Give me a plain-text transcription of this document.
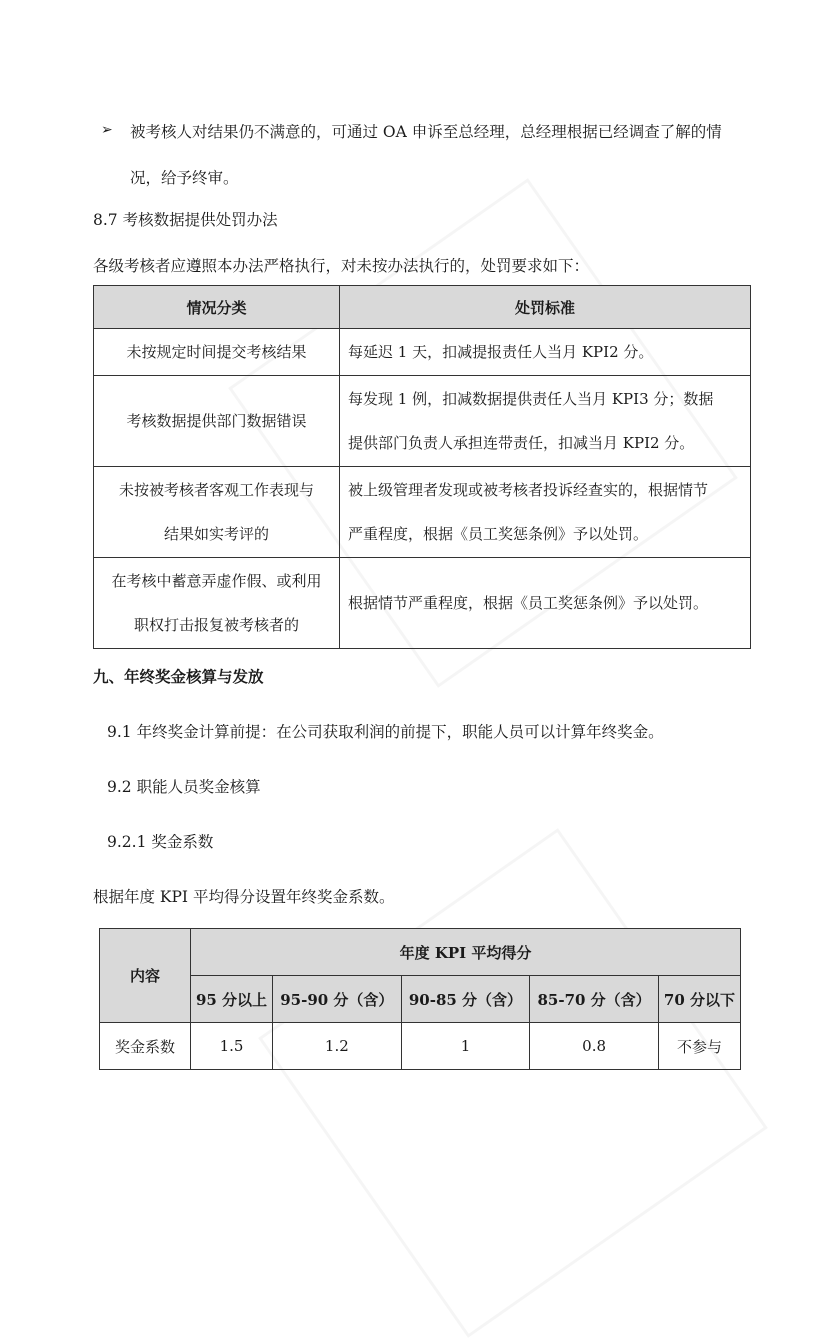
➢ 被考核人对结果仍不满意的，可通过 OA 申诉至总经理，总经理根据已经调查了解的情
况，给予终审。
8.7 考核数据提供处罚办法
各级考核者应遵照本办法严格执行，对未按办法执行的，处罚要求如下：
情况分类	处罚标准

未按规定时间提交考核结果	每延迟 1 天，扣减提报责任人当月 KPI2 分。

考核数据提供部门数据错误	每发现 1 例，扣减数据提供责任人当月 KPI3 分；数据
提供部门负责人承担连带责任，扣减当月 KPI2 分。

未按被考核者客观工作表现与
结果如实考评的	被上级管理者发现或被考核者投诉经查实的，根据情节
严重程度，根据《员工奖惩条例》予以处罚。

在考核中蓄意弄虚作假、或利用
职权打击报复被考核者的	根据情节严重程度，根据《员工奖惩条例》予以处罚。
九、年终奖金核算与发放
9.1 年终奖金计算前提：在公司获取利润的前提下，职能人员可以计算年终奖金。
9.2 职能人员奖金核算
9.2.1 奖金系数
根据年度 KPI 平均得分设置年终奖金系数。
内容	年度 KPI 平均得分				
	95 分以上	95-90 分（含）	90-85 分（含）	85-70 分（含）	70 分以下
奖金系数	1.5	1.2	1	0.8	不参与
